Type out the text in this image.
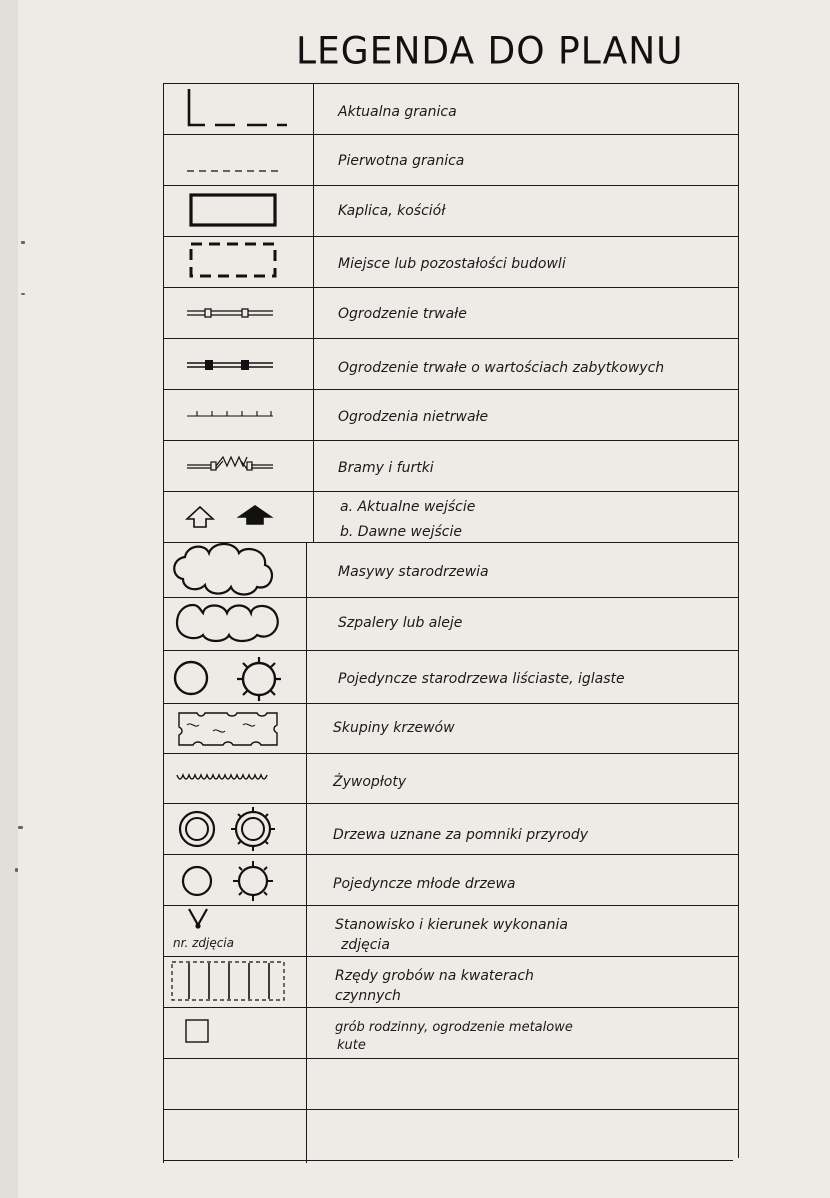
LEGENDA DO PLANU
Aktualna granica
Pierwotna granica
Kaplica, kościół
Miejsce lub pozostałości budowli
Ogrodzenie trwałe
Ogrodzenie trwałe o wartościach zabytkowych
Ogrodzenia nietrwałe
Bramy i furtki
a. Aktualne wejście
b. Dawne wejście
Masywy starodrzewia
Szpalery lub aleje
Pojedyncze starodrzewa liściaste, iglaste
Skupiny krzewów
Żywopłoty
Drzewa uznane za pomniki przyrody
Pojedyncze młode drzewa
nr. zdjęcia
Stanowisko i kierunek wykonania
zdjęcia
Rzędy grobów na kwaterach
czynnych
grób rodzinny, ogrodzenie metalowe
kute
